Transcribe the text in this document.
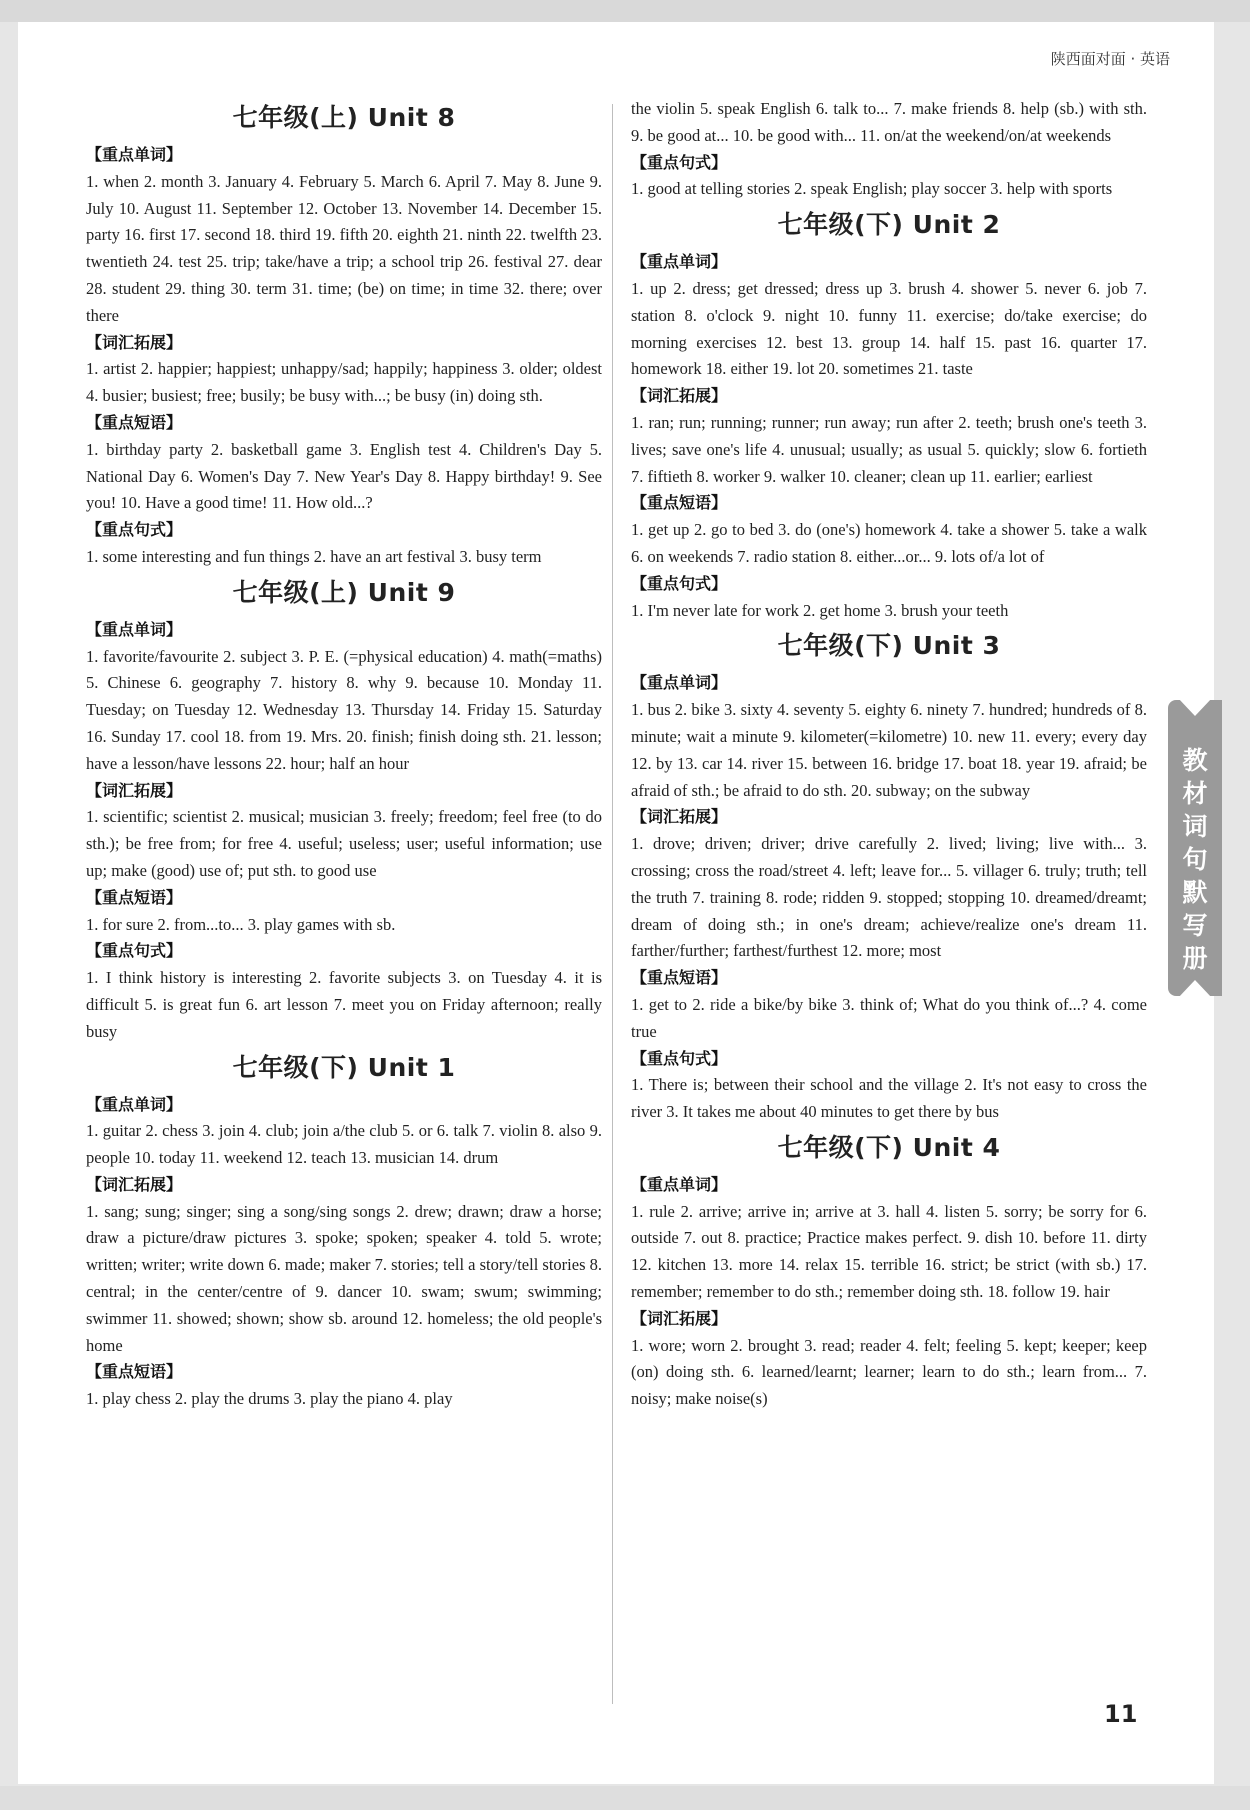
陕西面对面 · 英语
七年级(上) Unit 8
【重点单词】
1. when 2. month 3. January 4. February 5. March 6. April 7. May 8. June 9. July 10. August 11. September 12. October 13. November 14. December 15. party 16. first 17. second 18. third 19. fifth 20. eighth 21. ninth 22. twelfth 23. twentieth 24. test 25. trip; take/have a trip; a school trip 26. festival 27. dear 28. student 29. thing 30. term 31. time; (be) on time; in time 32. there; over there
【词汇拓展】
1. artist 2. happier; happiest; unhappy/sad; happily; happiness 3. older; oldest 4. busier; busiest; free; busily; be busy with...; be busy (in) doing sth.
【重点短语】
1. birthday party 2. basketball game 3. English test 4. Children's Day 5. National Day 6. Women's Day 7. New Year's Day 8. Happy birthday! 9. See you! 10. Have a good time! 11. How old...?
【重点句式】
1. some interesting and fun things 2. have an art festival 3. busy term
七年级(上) Unit 9
【重点单词】
1. favorite/favourite 2. subject 3. P. E. (=physical education) 4. math(=maths) 5. Chinese 6. geography 7. history 8. why 9. because 10. Monday 11. Tuesday; on Tuesday 12. Wednesday 13. Thursday 14. Friday 15. Saturday 16. Sunday 17. cool 18. from 19. Mrs. 20. finish; finish doing sth. 21. lesson; have a lesson/have lessons 22. hour; half an hour
【词汇拓展】
1. scientific; scientist 2. musical; musician 3. freely; freedom; feel free (to do sth.); be free from; for free 4. useful; useless; user; useful information; use up; make (good) use of; put sth. to good use
【重点短语】
1. for sure 2. from...to... 3. play games with sb.
【重点句式】
1. I think history is interesting 2. favorite subjects 3. on Tuesday 4. it is difficult 5. is great fun 6. art lesson 7. meet you on Friday afternoon; really busy
七年级(下) Unit 1
【重点单词】
1. guitar 2. chess 3. join 4. club; join a/the club 5. or 6. talk 7. violin 8. also 9. people 10. today 11. weekend 12. teach 13. musician 14. drum
【词汇拓展】
1. sang; sung; singer; sing a song/sing songs 2. drew; drawn; draw a horse; draw a picture/draw pictures 3. spoke; spoken; speaker 4. told 5. wrote; written; writer; write down 6. made; maker 7. stories; tell a story/tell stories 8. central; in the center/centre of 9. dancer 10. swam; swum; swimming; swimmer 11. showed; shown; show sb. around 12. homeless; the old people's home
【重点短语】
1. play chess 2. play the drums 3. play the piano 4. play
the violin 5. speak English 6. talk to... 7. make friends 8. help (sb.) with sth. 9. be good at... 10. be good with... 11. on/at the weekend/on/at weekends
【重点句式】
1. good at telling stories 2. speak English; play soccer 3. help with sports
七年级(下) Unit 2
【重点单词】
1. up 2. dress; get dressed; dress up 3. brush 4. shower 5. never 6. job 7. station 8. o'clock 9. night 10. funny 11. exercise; do/take exercise; do morning exercises 12. best 13. group 14. half 15. past 16. quarter 17. homework 18. either 19. lot 20. sometimes 21. taste
【词汇拓展】
1. ran; run; running; runner; run away; run after 2. teeth; brush one's teeth 3. lives; save one's life 4. unusual; usually; as usual 5. quickly; slow 6. fortieth 7. fiftieth 8. worker 9. walker 10. cleaner; clean up 11. earlier; earliest
【重点短语】
1. get up 2. go to bed 3. do (one's) homework 4. take a shower 5. take a walk 6. on weekends 7. radio station 8. either...or... 9. lots of/a lot of
【重点句式】
1. I'm never late for work 2. get home 3. brush your teeth
七年级(下) Unit 3
【重点单词】
1. bus 2. bike 3. sixty 4. seventy 5. eighty 6. ninety 7. hundred; hundreds of 8. minute; wait a minute 9. kilometer(=kilometre) 10. new 11. every; every day 12. by 13. car 14. river 15. between 16. bridge 17. boat 18. year 19. afraid; be afraid of sth.; be afraid to do sth. 20. subway; on the subway
【词汇拓展】
1. drove; driven; driver; drive carefully 2. lived; living; live with... 3. crossing; cross the road/street 4. left; leave for... 5. villager 6. truly; truth; tell the truth 7. training 8. rode; ridden 9. stopped; stopping 10. dreamed/dreamt; dream of doing sth.; in one's dream; achieve/realize one's dream 11. farther/further; farthest/furthest 12. more; most
【重点短语】
1. get to 2. ride a bike/by bike 3. think of; What do you think of...? 4. come true
【重点句式】
1. There is; between their school and the village 2. It's not easy to cross the river 3. It takes me about 40 minutes to get there by bus
七年级(下) Unit 4
【重点单词】
1. rule 2. arrive; arrive in; arrive at 3. hall 4. listen 5. sorry; be sorry for 6. outside 7. out 8. practice; Practice makes perfect. 9. dish 10. before 11. dirty 12. kitchen 13. more 14. relax 15. terrible 16. strict; be strict (with sb.) 17. remember; remember to do sth.; remember doing sth. 18. follow 19. hair
【词汇拓展】
1. wore; worn 2. brought 3. read; reader 4. felt; feeling 5. kept; keeper; keep (on) doing sth. 6. learned/learnt; learner; learn to do sth.; learn from... 7. noisy; make noise(s)
教材词句默写册
11
